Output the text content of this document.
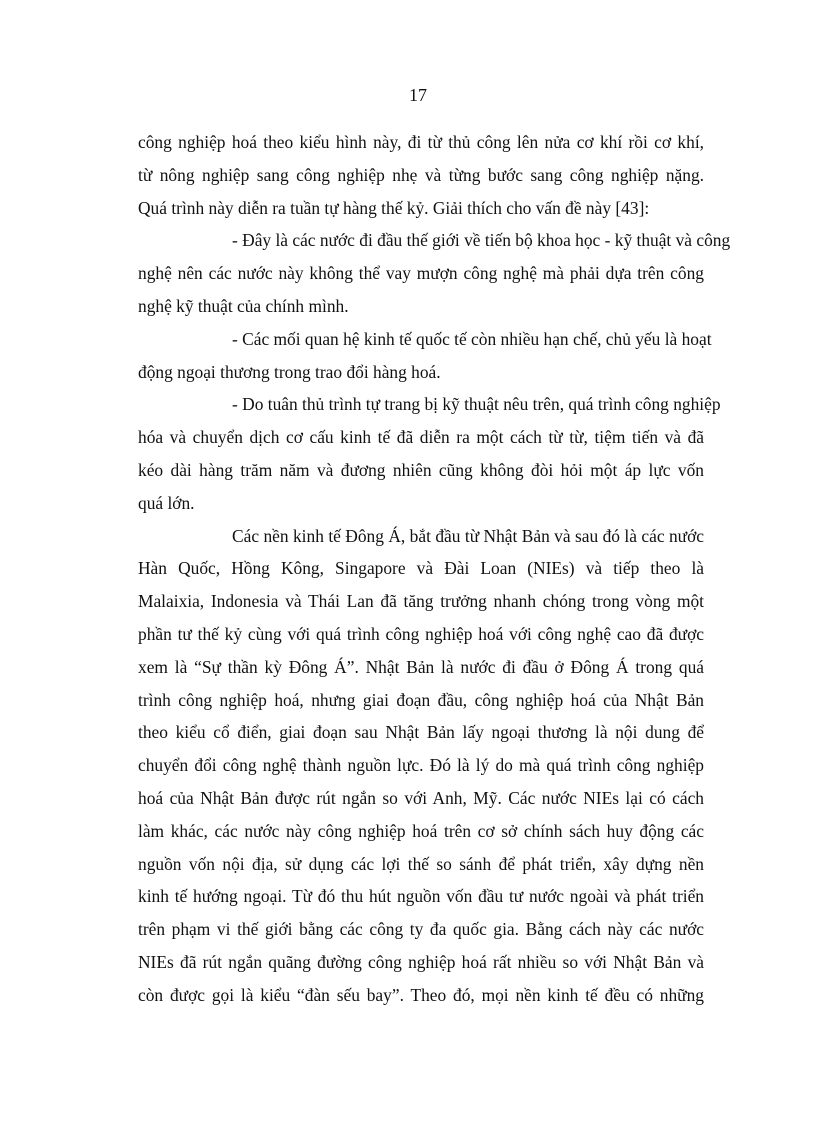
17
công nghiệp hoá theo kiểu hình này, đi từ thủ công lên nửa cơ khí rồi cơ khí,
từ nông nghiệp sang công nghiệp nhẹ và từng bước sang công nghiệp nặng.
Quá trình này diễn ra tuần tự hàng thế kỷ. Giải thích cho vấn đề này [43]:
- Đây là các nước đi đầu thế giới về tiến bộ khoa học - kỹ thuật và công
nghệ nên các nước này không thể vay mượn công nghệ mà phải dựa trên công
nghệ kỹ thuật của chính mình.
- Các mối quan hệ kinh tế quốc tế còn nhiều hạn chế, chủ yếu là hoạt
động ngoại thương trong trao đổi hàng hoá.
- Do tuân thủ trình tự trang bị kỹ thuật nêu trên, quá trình công nghiệp
hóa và chuyển dịch cơ cấu kinh tế đã diễn ra một cách từ từ, tiệm tiến và đã
kéo dài hàng trăm năm và đương nhiên cũng không đòi hỏi một áp lực vốn
quá lớn.
Các nền kinh tế Đông Á, bắt đầu từ Nhật Bản và sau đó là các nước
Hàn Quốc, Hồng Kông, Singapore và Đài Loan (NIEs) và tiếp theo là
Malaixia, Indonesia và Thái Lan đã tăng trưởng nhanh chóng trong vòng một
phần tư thế kỷ cùng với quá trình công nghiệp hoá với công nghệ cao đã được
xem là “Sự thần kỳ Đông Á”. Nhật Bản là nước đi đầu ở Đông Á trong quá
trình công nghiệp hoá, nhưng giai đoạn đầu, công nghiệp hoá của Nhật Bản
theo kiểu cổ điển, giai đoạn sau Nhật Bản lấy ngoại thương là nội dung để
chuyển đổi công nghệ thành nguồn lực. Đó là lý do mà quá trình công nghiệp
hoá của Nhật Bản được rút ngắn so với Anh, Mỹ. Các nước NIEs lại có cách
làm khác, các nước này công nghiệp hoá trên cơ sở chính sách huy động các
nguồn vốn nội địa, sử dụng các lợi thế so sánh để phát triển, xây dựng nền
kinh tế hướng ngoại. Từ đó thu hút nguồn vốn đầu tư nước ngoài và phát triển
trên phạm vi thế giới bằng các công ty đa quốc gia. Bằng cách này các nước
NIEs đã rút ngắn quãng đường công nghiệp hoá rất nhiều so với Nhật Bản và
còn được gọi là kiểu “đàn sếu bay”. Theo đó, mọi nền kinh tế đều có những
